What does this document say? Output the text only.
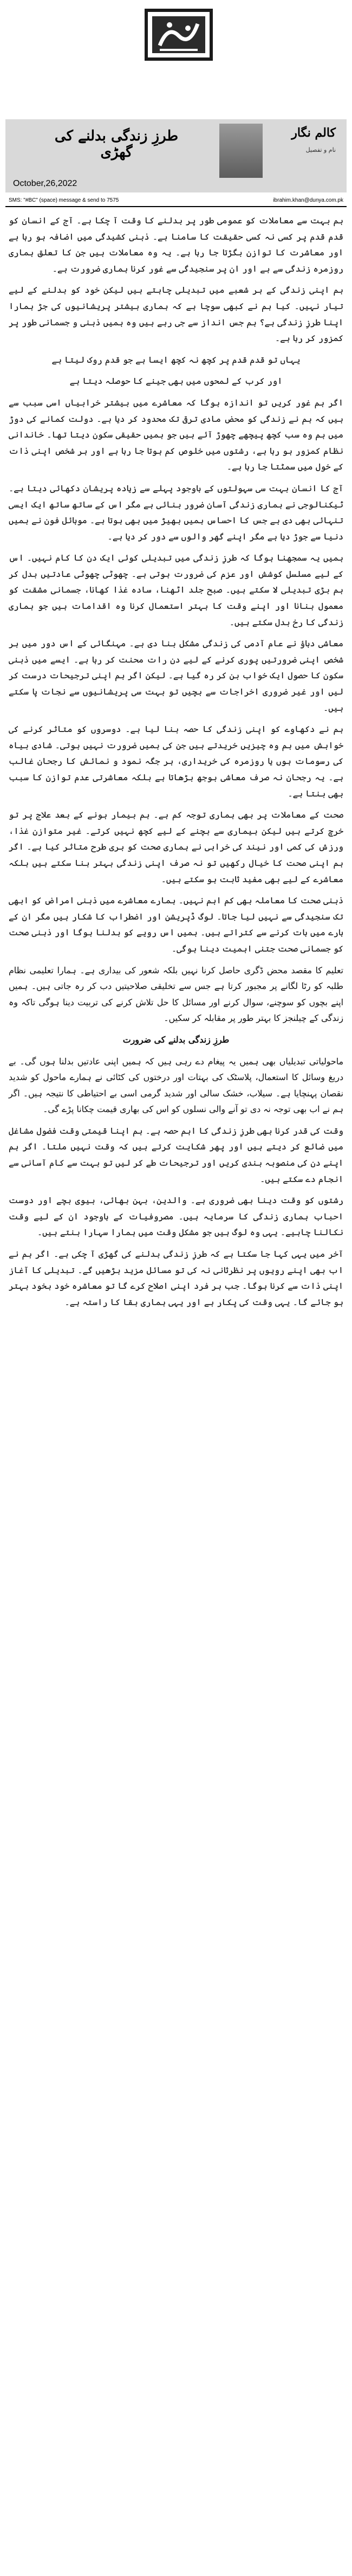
کالم نگار
نام و تفصیل
طرزِ زندگی بدلنے کی گھڑی
October,26,2022
SMS: "#BC" (space) message & send to 7575	ibrahim.khan@dunya.com.pk

ہم بہت سے معاملات کو عمومی طور پر بدلنے کا وقت آ چکا ہے۔ آج کے انسان کو قدم قدم پر کسی نہ کسی حقیقت کا سامنا ہے۔ ذہنی کشیدگی میں اضافہ ہو رہا ہے اور معاشرت کا توازن بگڑتا جا رہا ہے۔ یہ وہ معاملات ہیں جن کا تعلق ہماری روزمرہ زندگی سے ہے اور ان پر سنجیدگی سے غور کرنا ہماری ضرورت ہے۔

ہم اپنی زندگی کے ہر شعبے میں تبدیلی چاہتے ہیں لیکن خود کو بدلنے کے لیے تیار نہیں۔ کیا ہم نے کبھی سوچا ہے کہ ہماری بیشتر پریشانیوں کی جڑ ہمارا اپنا طرزِ زندگی ہے؟ ہم جس انداز سے جی رہے ہیں وہ ہمیں ذہنی و جسمانی طور پر کمزور کر رہا ہے۔

یہاں تو قدم قدم پر کچھ نہ کچھ ایسا ہے جو قدم روک لیتا ہے

اور کرب کے لمحوں میں بھی جینے کا حوصلہ دیتا ہے

اگر ہم غور کریں تو اندازہ ہوگا کہ معاشرے میں بیشتر خرابیاں اسی سبب سے ہیں کہ ہم نے زندگی کو محض مادی ترقی تک محدود کر دیا ہے۔ دولت کمانے کی دوڑ میں ہم وہ سب کچھ پیچھے چھوڑ آئے ہیں جو ہمیں حقیقی سکون دیتا تھا۔ خاندانی نظام کمزور ہو رہا ہے، رشتوں میں خلوص کم ہوتا جا رہا ہے اور ہر شخص اپنی ذات کے خول میں سمٹتا جا رہا ہے۔

آج کا انسان بہت سی سہولتوں کے باوجود پہلے سے زیادہ پریشان دکھائی دیتا ہے۔ ٹیکنالوجی نے ہماری زندگی آسان ضرور بنائی ہے مگر اس کے ساتھ ساتھ ایک ایسی تنہائی بھی دی ہے جس کا احساس ہمیں بھیڑ میں بھی ہوتا ہے۔ موبائل فون نے ہمیں دنیا سے جوڑ دیا ہے مگر اپنے گھر والوں سے دور کر دیا ہے۔

ہمیں یہ سمجھنا ہوگا کہ طرزِ زندگی میں تبدیلی کوئی ایک دن کا کام نہیں۔ اس کے لیے مسلسل کوشش اور عزم کی ضرورت ہوتی ہے۔ چھوٹی چھوٹی عادتیں بدل کر ہم بڑی تبدیلی لا سکتے ہیں۔ صبح جلد اٹھنا، سادہ غذا کھانا، جسمانی مشقت کو معمول بنانا اور اپنے وقت کا بہتر استعمال کرنا وہ اقدامات ہیں جو ہماری زندگی کا رخ بدل سکتے ہیں۔

معاشی دباؤ نے عام آدمی کی زندگی مشکل بنا دی ہے۔ مہنگائی کے اس دور میں ہر شخص اپنی ضرورتیں پوری کرنے کے لیے دن رات محنت کر رہا ہے۔ ایسے میں ذہنی سکون کا حصول ایک خواب بن کر رہ گیا ہے۔ لیکن اگر ہم اپنی ترجیحات درست کر لیں اور غیر ضروری اخراجات سے بچیں تو بہت سی پریشانیوں سے نجات پا سکتے ہیں۔

ہم نے دکھاوے کو اپنی زندگی کا حصہ بنا لیا ہے۔ دوسروں کو متاثر کرنے کی خواہش میں ہم وہ چیزیں خریدتے ہیں جن کی ہمیں ضرورت نہیں ہوتی۔ شادی بیاہ کی رسومات ہوں یا روزمرہ کی خریداری، ہر جگہ نمود و نمائش کا رجحان غالب ہے۔ یہ رجحان نہ صرف معاشی بوجھ بڑھاتا ہے بلکہ معاشرتی عدم توازن کا سبب بھی بنتا ہے۔

صحت کے معاملات پر بھی ہماری توجہ کم ہے۔ ہم بیمار ہونے کے بعد علاج پر تو خرچ کرتے ہیں لیکن بیماری سے بچنے کے لیے کچھ نہیں کرتے۔ غیر متوازن غذا، ورزش کی کمی اور نیند کی خرابی نے ہماری صحت کو بری طرح متاثر کیا ہے۔ اگر ہم اپنی صحت کا خیال رکھیں تو نہ صرف اپنی زندگی بہتر بنا سکتے ہیں بلکہ معاشرے کے لیے بھی مفید ثابت ہو سکتے ہیں۔

ذہنی صحت کا معاملہ بھی کم اہم نہیں۔ ہمارے معاشرے میں ذہنی امراض کو ابھی تک سنجیدگی سے نہیں لیا جاتا۔ لوگ ڈپریشن اور اضطراب کا شکار ہیں مگر ان کے بارے میں بات کرنے سے کتراتے ہیں۔ ہمیں اس رویے کو بدلنا ہوگا اور ذہنی صحت کو جسمانی صحت جتنی اہمیت دینا ہوگی۔

تعلیم کا مقصد محض ڈگری حاصل کرنا نہیں بلکہ شعور کی بیداری ہے۔ ہمارا تعلیمی نظام طلبہ کو رٹا لگانے پر مجبور کرتا ہے جس سے تخلیقی صلاحیتیں دب کر رہ جاتی ہیں۔ ہمیں اپنے بچوں کو سوچنے، سوال کرنے اور مسائل کا حل تلاش کرنے کی تربیت دینا ہوگی تاکہ وہ زندگی کے چیلنجز کا بہتر طور پر مقابلہ کر سکیں۔

طرزِ زندگی بدلنے کی ضرورت

ماحولیاتی تبدیلیاں بھی ہمیں یہ پیغام دے رہی ہیں کہ ہمیں اپنی عادتیں بدلنا ہوں گی۔ بے دریغ وسائل کا استعمال، پلاسٹک کی بہتات اور درختوں کی کٹائی نے ہمارے ماحول کو شدید نقصان پہنچایا ہے۔ سیلاب، خشک سالی اور شدید گرمی اسی بے احتیاطی کا نتیجہ ہیں۔ اگر ہم نے اب بھی توجہ نہ دی تو آنے والی نسلوں کو اس کی بھاری قیمت چکانا پڑے گی۔

وقت کی قدر کرنا بھی طرزِ زندگی کا اہم حصہ ہے۔ ہم اپنا قیمتی وقت فضول مشاغل میں ضائع کر دیتے ہیں اور پھر شکایت کرتے ہیں کہ وقت نہیں ملتا۔ اگر ہم اپنے دن کی منصوبہ بندی کریں اور ترجیحات طے کر لیں تو بہت سے کام آسانی سے انجام دے سکتے ہیں۔

رشتوں کو وقت دینا بھی ضروری ہے۔ والدین، بہن بھائی، بیوی بچے اور دوست احباب ہماری زندگی کا سرمایہ ہیں۔ مصروفیات کے باوجود ان کے لیے وقت نکالنا چاہیے۔ یہی وہ لوگ ہیں جو مشکل وقت میں ہمارا سہارا بنتے ہیں۔

آخر میں یہی کہا جا سکتا ہے کہ طرزِ زندگی بدلنے کی گھڑی آ چکی ہے۔ اگر ہم نے اب بھی اپنے رویوں پر نظرثانی نہ کی تو مسائل مزید بڑھیں گے۔ تبدیلی کا آغاز اپنی ذات سے کرنا ہوگا۔ جب ہر فرد اپنی اصلاح کرے گا تو معاشرہ خود بخود بہتر ہو جائے گا۔ یہی وقت کی پکار ہے اور یہی ہماری بقا کا راستہ ہے۔
